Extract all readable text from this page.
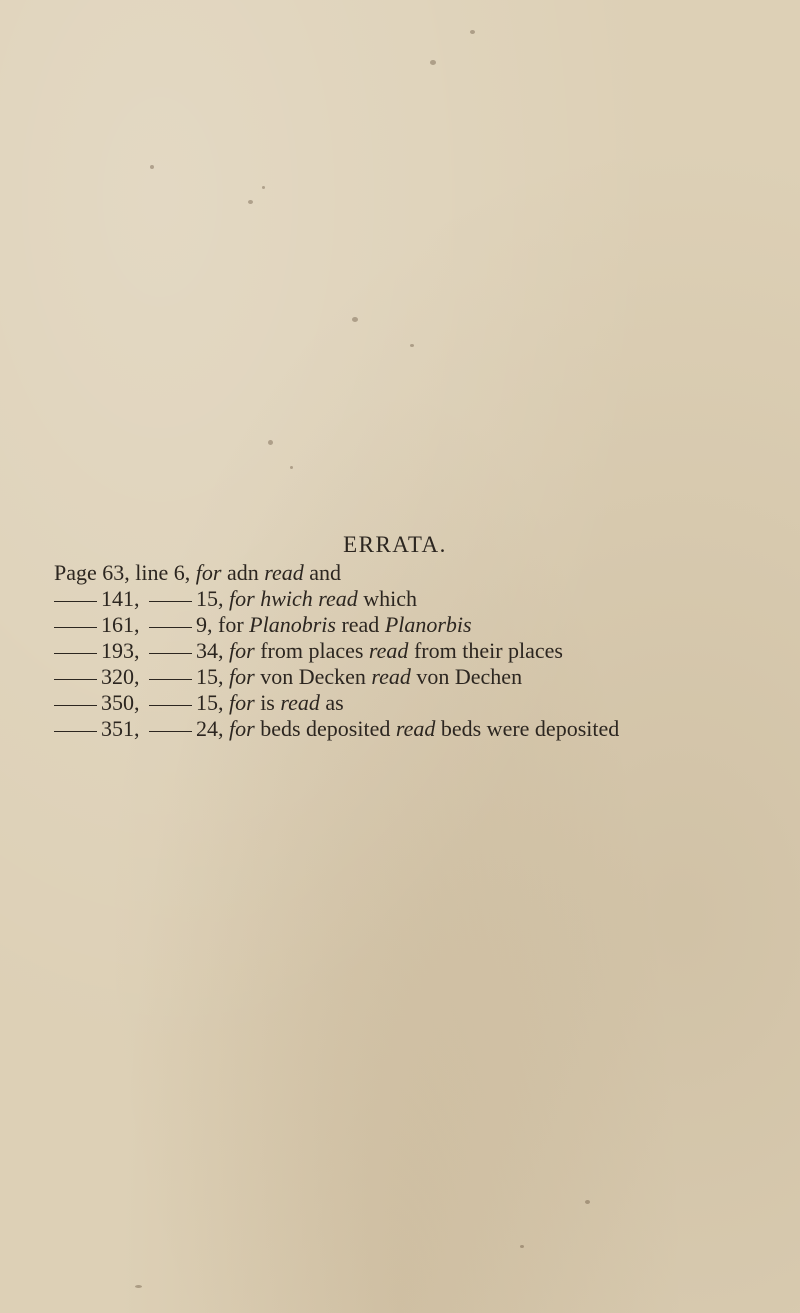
ERRATA.
Page 63, line 6, for adn read and
141,	15, for hwich read which
161,	9, for Planobris read Planorbis
193,	34, for from places read from their places
320,	15, for von Decken read von Dechen
350,	15, for is read as
351,	24, for beds deposited read beds were deposited
